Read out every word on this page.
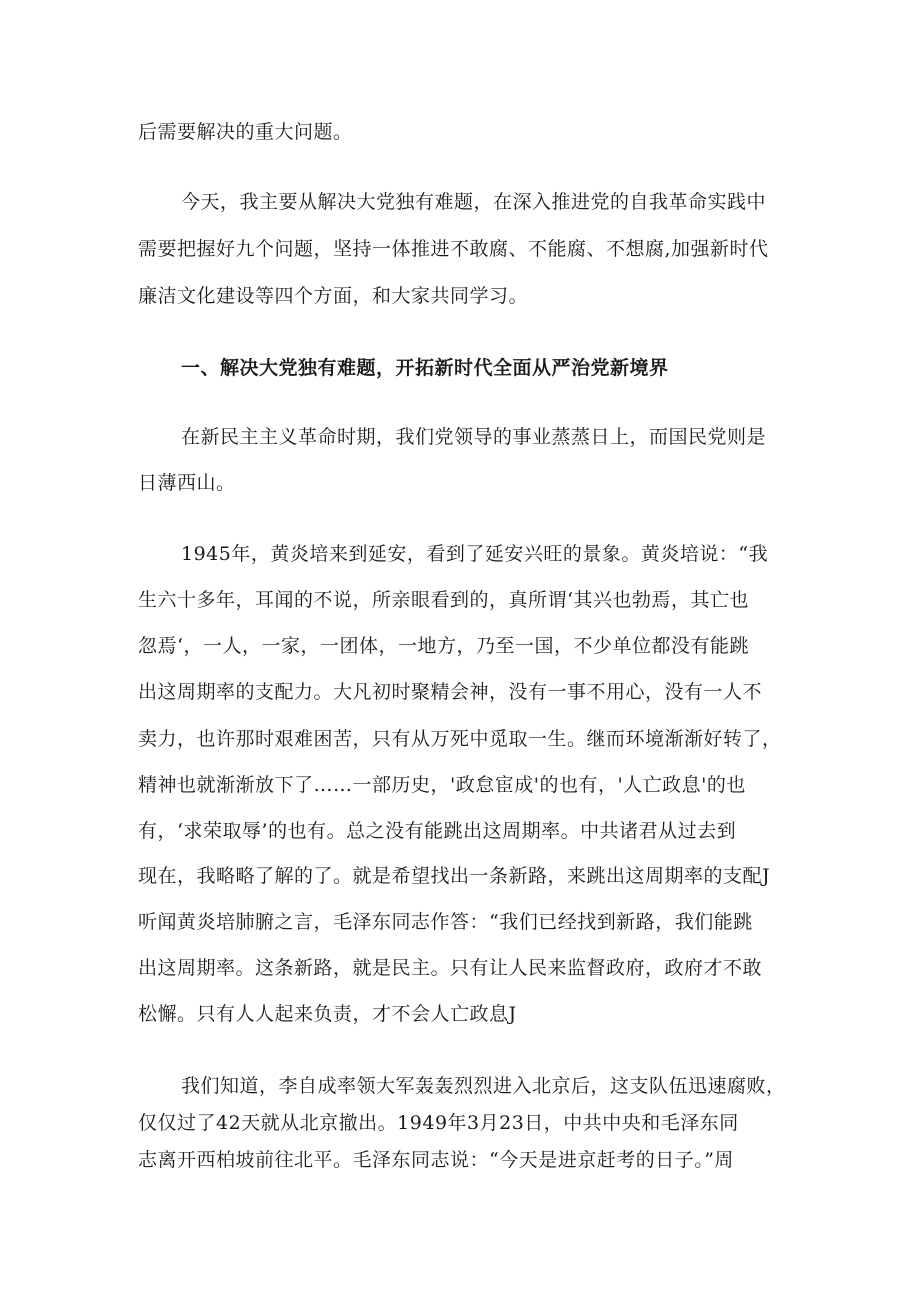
后需要解决的重大问题。
今天，我主要从解决大党独有难题，在深入推进党的自我革命实践中
需要把握好九个问题，坚持一体推进不敢腐、不能腐、不想腐,加强新时代
廉洁文化建设等四个方面，和大家共同学习。
一、解决大党独有难题，开拓新时代全面从严治党新境界
在新民主主义革命时期，我们党领导的事业蒸蒸日上，而国民党则是
日薄西山。
1945年，黄炎培来到延安，看到了延安兴旺的景象。黄炎培说：“我
生六十多年，耳闻的不说，所亲眼看到的，真所谓‘其兴也勃焉，其亡也
忽焉‘，一人，一家，一团体，一地方，乃至一国，不少单位都没有能跳
出这周期率的支配力。大凡初时聚精会神，没有一事不用心，没有一人不
卖力，也许那时艰难困苦，只有从万死中觅取一生。继而环境渐渐好转了，
精神也就渐渐放下了……一部历史，'政怠宦成'的也有，'人亡政息'的也
有，‘求荣取辱’的也有。总之没有能跳出这周期率。中共诸君从过去到
现在，我略略了解的了。就是希望找出一条新路，来跳出这周期率的支配J
听闻黄炎培肺腑之言，毛泽东同志作答：“我们已经找到新路，我们能跳
出这周期率。这条新路，就是民主。只有让人民来监督政府，政府才不敢
松懈。只有人人起来负责，才不会人亡政息J
我们知道，李自成率领大军轰轰烈烈进入北京后，这支队伍迅速腐败，
仅仅过了42天就从北京撤出。1949年3月23日，中共中央和毛泽东同
志离开西柏坡前往北平。毛泽东同志说：“今天是进京赶考的日子。”周
